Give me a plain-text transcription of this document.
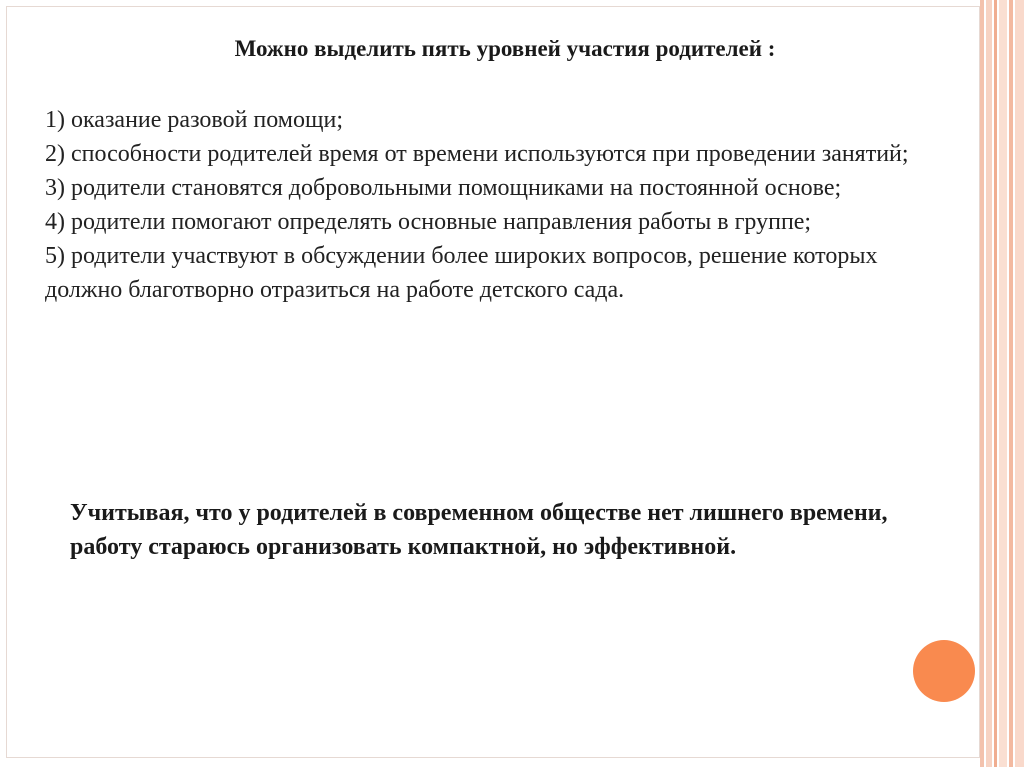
Можно выделить пять уровней участия родителей :
1) оказание разовой помощи;
2) способности родителей время от времени используются при проведении занятий;
3) родители становятся добровольными помощниками на постоянной основе;
4) родители помогают определять основные направления работы в группе;
5) родители участвуют в обсуждении более широких вопросов, решение которых должно благотворно отразиться на работе детского сада.

Учитывая, что у родителей в современном обществе нет лишнего времени, работу стараюсь организовать компактной, но эффективной.
